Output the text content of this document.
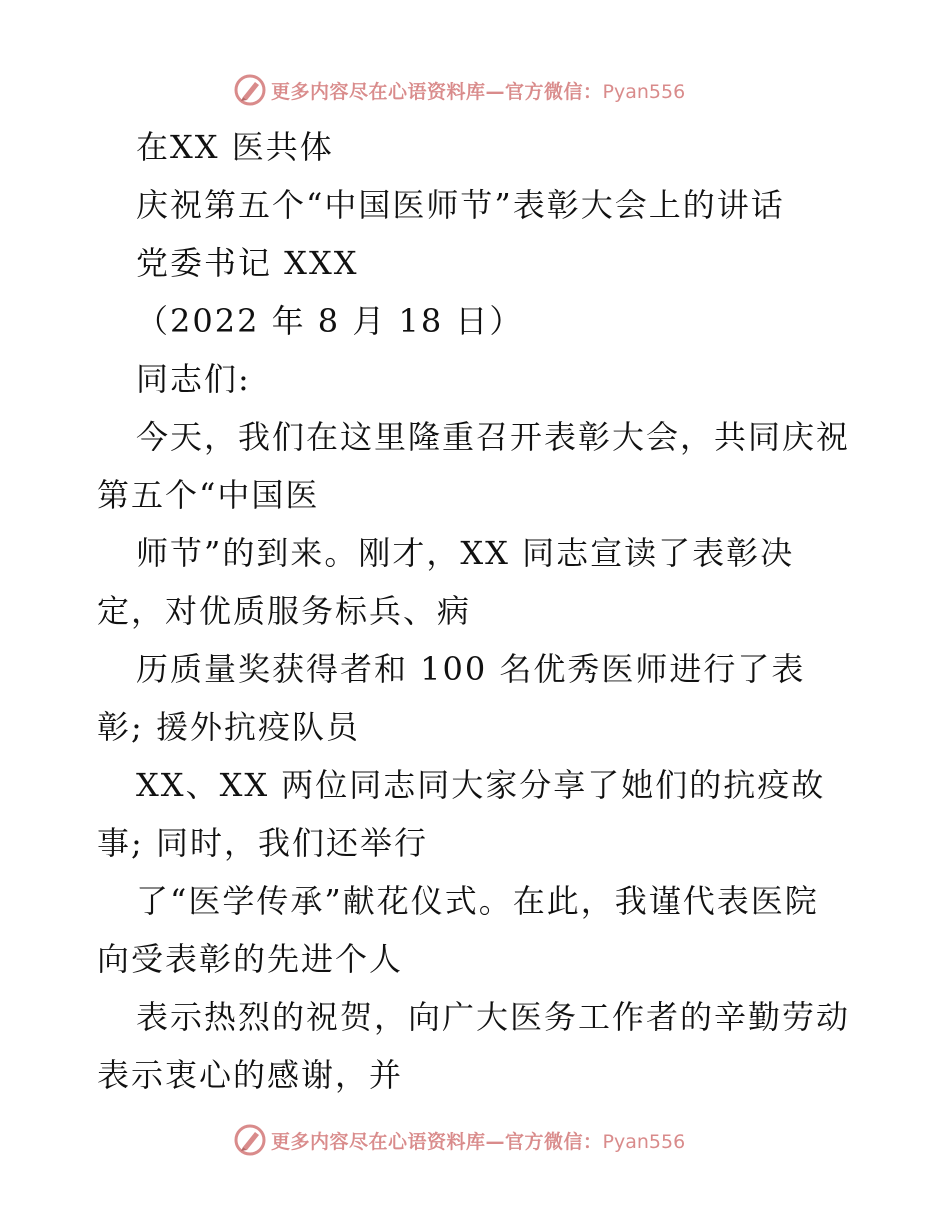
更多内容尽在心语资料库—官方微信：Pyan556
在XX 医共体
庆祝第五个“中国医师节”表彰大会上的讲话
党委书记 XXX
（2022 年 8 月 18 日）
同志们:
今天，我们在这里隆重召开表彰大会，共同庆祝
第五个“中国医
师节”的到来。刚才，XX 同志宣读了表彰决
定，对优质服务标兵、病
历质量奖获得者和 100 名优秀医师进行了表
彰; 援外抗疫队员
XX、XX 两位同志同大家分享了她们的抗疫故
事; 同时，我们还举行
了“医学传承”献花仪式。在此，我谨代表医院
向受表彰的先进个人
表示热烈的祝贺，向广大医务工作者的辛勤劳动
表示衷心的感谢，并
更多内容尽在心语资料库—官方微信：Pyan556
